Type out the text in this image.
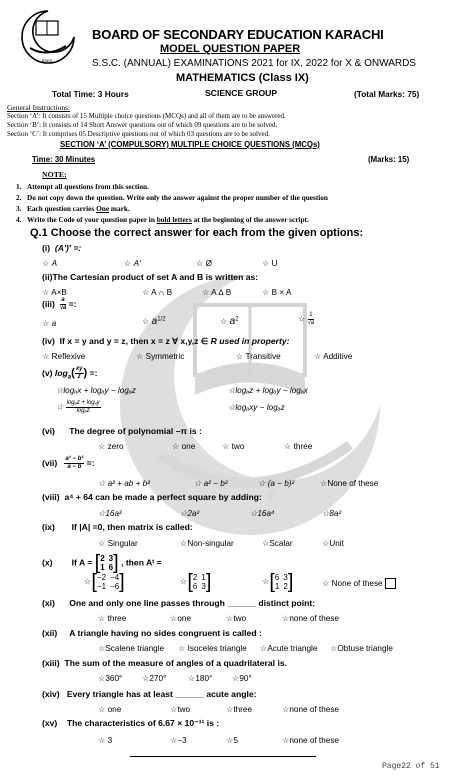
BSEK
BOARD OF SECONDARY EDUCATION KARACHI
MODEL QUESTION PAPER
S.S.C. (ANNUAL) EXAMINATIONS 2021 for IX, 2022 for X & ONWARDS
MATHEMATICS (Class IX)
Total Time: 3 Hours	SCIENCE GROUP	(Total Marks: 75)
General Instructions:
Section ‘A’: It consists of 15 Multiple choice questions (MCQs) and all of them are to be answered.
Section ‘B’: It consists of 14 Short Answer questions out of which 09 questions are to be solved.
Section ‘C’: It comprises 05 Descriptive questions out of which 03 questions are to be solved.
SECTION ‘A’ (COMPULSORY) MULTIPLE CHOICE QUESTIONS (MCQs)
Time: 30 Minutes	(Marks: 15)
NOTE:
1. Attempt all questions from this section.
2. Do not copy down the question. Write only the answer against the proper number of the question
3. Each question carries One mark.
4. Write the Code of your question paper in bold letters at the beginning of the answer script.
Q.1 Choose the correct answer for each from the given options:
(i) (A′)′ =:
☆ A	☆ A′	☆ Ø	☆ U
(ii)The Cartesian product of set A and B is written as:
☆ A×B	☆ A ∩ B	☆ A ∆ B	☆ B × A
$(iii) \frac{a}{√a}$ =:
☆ a	☆ $a^{1/2}$	☆ $a^2$	☆ $\frac{1}{√a}$
(iv) If x = y and y = z, then x = z ∀ x,y,z ∈ R used in property:
☆ Reflexive	☆ Symmetric	☆ Transitive	☆ Additive
(v) $\log_a( \frac{xy}{z}$ ) =:
☆logₐx + logₐy − logₐz	☆logₐz + logₐy − logₐx
☆ $\frac{\text{logₐz + logₐy}}{\text{logₐz}}$	☆logₐxy − logₐz
(vi) The degree of polynomial –π is :
☆ zero	☆ one	☆ two	☆ three
$(vii) \frac{\text{a³ − b³}}{a - b}$ =:
☆ a² + ab + b²	☆ a² − b²	☆ (a − b)²	☆None of these
(viii) a⁴ + 64 can be made a perfect square by adding:
☆16a²	☆2a²	☆16a⁴	☆8a²
(ix) If |A| =0, then matrix is called:
☆ Singular	☆Non-singular	☆Scalar	☆Unit
(x) If A = [ 2 3
1 6 ] , then Aᵗ =
☆ [ −2 −4
−1 −6 ]	☆ [ 2 1
6 3 ]	☆ [ 6 3
1 2 ]	☆ None of these
(xi) One and only one line passes through ______ distinct point:
☆ three	☆one	☆two	☆none of these
(xii) A triangle having no sides congruent is called :
☆Scalene triangle ☆ Isoceles triangle ☆Acute triangle ☆Obtuse triangle
(xiii) The sum of the measure of angles of a quadrilateral is.
☆360° ☆270°	☆180° ☆90°
(xiv) Every triangle has at least ______ acute angle:
☆ one	☆two	☆three	☆none of these
(xv) The characteristics of 6.67 × 10⁻¹¹ is :
☆ 3	☆−3	☆5	☆none of these
Page22 of 51
